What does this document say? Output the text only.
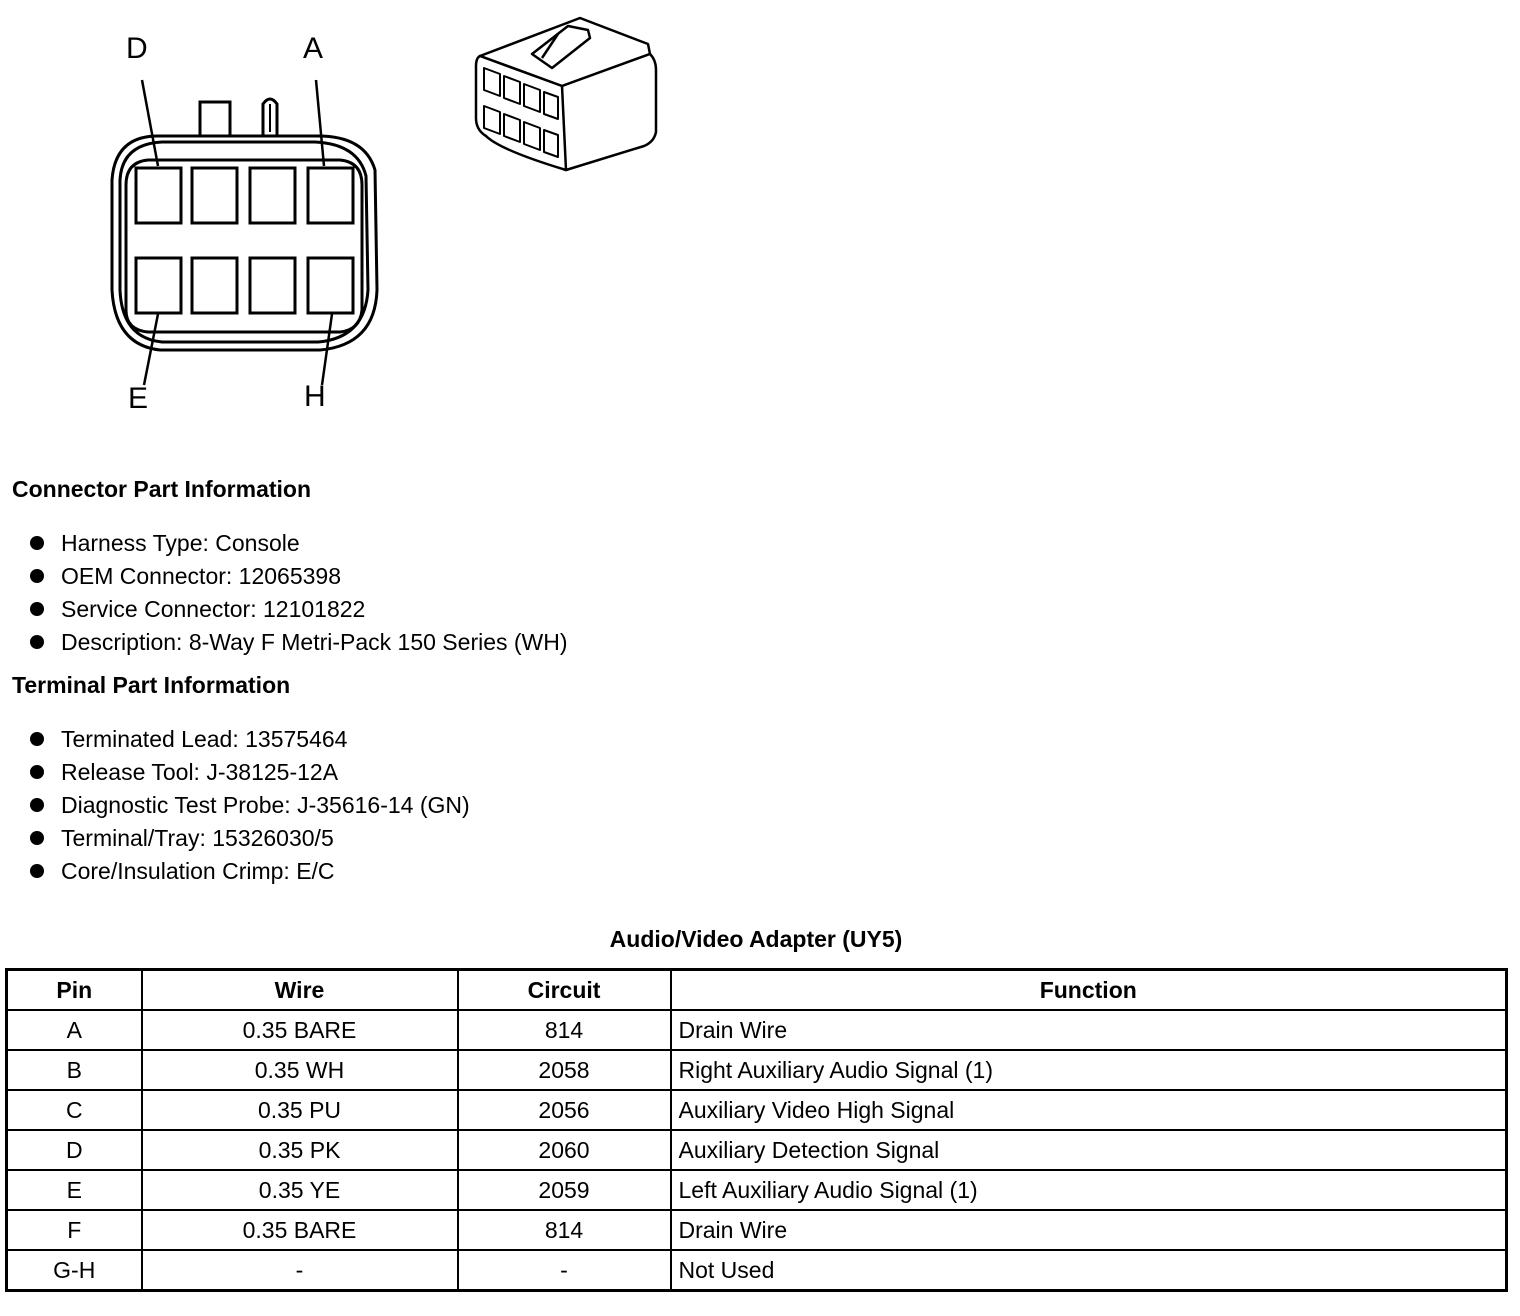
D	A
E	H
Connector Part Information
Harness Type: Console
OEM Connector: 12065398
Service Connector: 12101822
Description: 8-Way F Metri-Pack 150 Series (WH)
Terminal Part Information
Terminated Lead: 13575464
Release Tool: J-38125-12A
Diagnostic Test Probe: J-35616-14 (GN)
Terminal/Tray: 15326030/5
Core/Insulation Crimp: E/C
Audio/Video Adapter (UY5)
Pin	Wire	Circuit	Function
A	0.35 BARE	814	Drain Wire
B	0.35 WH	2058	Right Auxiliary Audio Signal (1)
C	0.35 PU	2056	Auxiliary Video High Signal
D	0.35 PK	2060	Auxiliary Detection Signal
E	0.35 YE	2059	Left Auxiliary Audio Signal (1)
F	0.35 BARE	814	Drain Wire
G-H	-	-	Not Used
